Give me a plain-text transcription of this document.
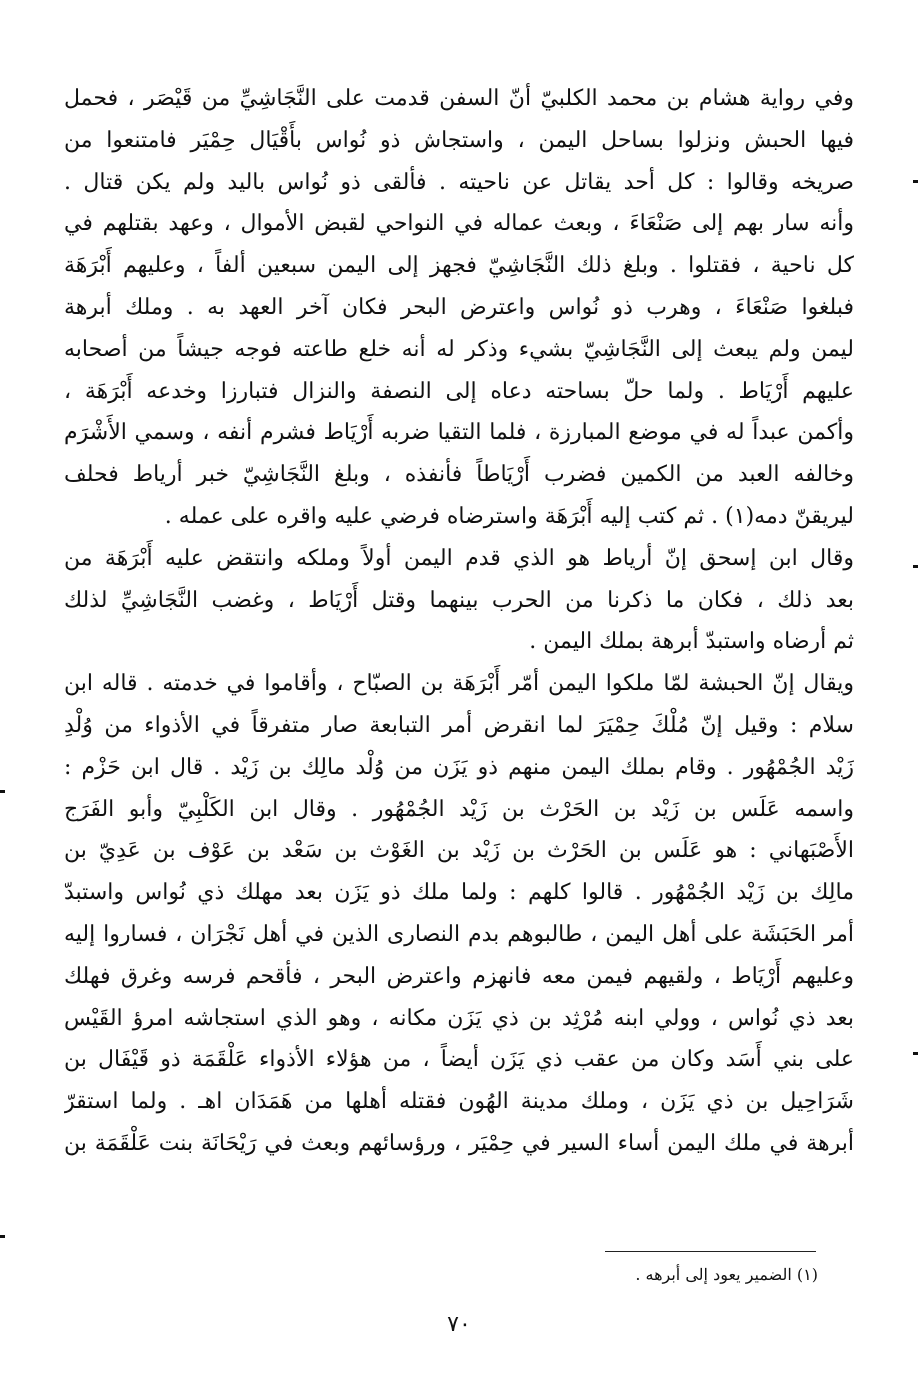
وفي رواية هشام بن محمد الكلبيّ أنّ السفن قدمت على النَّجَاشِيِّ من قَيْصَر ، فحمل
فيها الحبش ونزلوا بساحل اليمن ، واستجاش ذو نُواس بأَقْيَال حِمْيَر فامتنعوا من
صريخه وقالوا : كل أحد يقاتل عن ناحيته . فألقى ذو نُواس باليد ولم يكن قتال .
وأنه سار بهم إلى صَنْعَاءَ ، وبعث عماله في النواحي لقبض الأموال ، وعهد بقتلهم في
كل ناحية ، فقتلوا . وبلغ ذلك النَّجَاشِيّ فجهز إلى اليمن سبعين ألفاً ، وعليهم أَبْرَهَة
فبلغوا صَنْعَاءَ ، وهرب ذو نُواس واعترض البحر فكان آخر العهد به . وملك أبرهة
ليمن ولم يبعث إلى النَّجَاشِيّ بشيء وذكر له أنه خلع طاعته فوجه جيشاً من أصحابه
عليهم أَرْيَاط . ولما حلّ بساحته دعاه إلى النصفة والنزال فتبارزا وخدعه أَبْرَهَة ،
وأكمن عبداً له في موضع المبارزة ، فلما التقيا ضربه أَرْيَاط فشرم أنفه ، وسمي الأَشْرَم
وخالفه العبد من الكمين فضرب أَرْيَاطاً فأنفذه ، وبلغ النَّجَاشِيّ خبر أرياط فحلف
ليريقنّ دمه(١) . ثم كتب إليه أَبْرَهَة واسترضاه فرضي عليه واقره على عمله .
وقال ابن إسحق إنّ أرياط هو الذي قدم اليمن أولاً وملكه وانتقض عليه أَبْرَهَة من
بعد ذلك ، فكان ما ذكرنا من الحرب بينهما وقتل أَرْيَاط ، وغضب النَّجَاشِيِّ لذلك
ثم أرضاه واستبدّ أبرهة بملك اليمن .
ويقال إنّ الحبشة لمّا ملكوا اليمن أمّر أَبْرَهَة بن الصبّاح ، وأقاموا في خدمته . قاله ابن
سلام : وقيل إنّ مُلْكَ حِمْيَرَ لما انقرض أمر التبابعة صار متفرقاً في الأذواء من وُلْدِ
زَيْد الجُمْهُور . وقام بملك اليمن منهم ذو يَزَن من وُلْد مالِك بن زَيْد . قال ابن حَزْم :
واسمه عَلَس بن زَيْد بن الحَرْث بن زَيْد الجُمْهُور . وقال ابن الكَلْبِيّ وأبو الفَرَج
الأَصْبَهاني : هو عَلَس بن الحَرْث بن زَيْد بن الغَوْث بن سَعْد بن عَوْف بن عَدِيّ بن
مالِك بن زَيْد الجُمْهُور . قالوا كلهم : ولما ملك ذو يَزَن بعد مهلك ذي نُواس واستبدّ
أمر الحَبَشَة على أهل اليمن ، طالبوهم بدم النصارى الذين في أهل نَجْرَان ، فساروا إليه
وعليهم أَرْيَاط ، ولقيهم فيمن معه فانهزم واعترض البحر ، فأقحم فرسه وغرق فهلك
بعد ذي نُواس ، وولي ابنه مُرْثِد بن ذي يَزَن مكانه ، وهو الذي استجاشه امرؤ القَيْس
على بني أَسَد وكان من عقب ذي يَزَن أيضاً ، من هؤلاء الأذواء عَلْقَمَة ذو قَيْفَال بن
شَرَاحِيل بن ذي يَزَن ، وملك مدينة الهُون فقتله أهلها من هَمَدَان اهـ . ولما استقرّ
أبرهة في ملك اليمن أساء السير في حِمْيَر ، ورؤسائهم وبعث في رَيْحَانَة بنت عَلْقَمَة بن
(١) الضمير يعود إلى أبرهه .
٧٠
